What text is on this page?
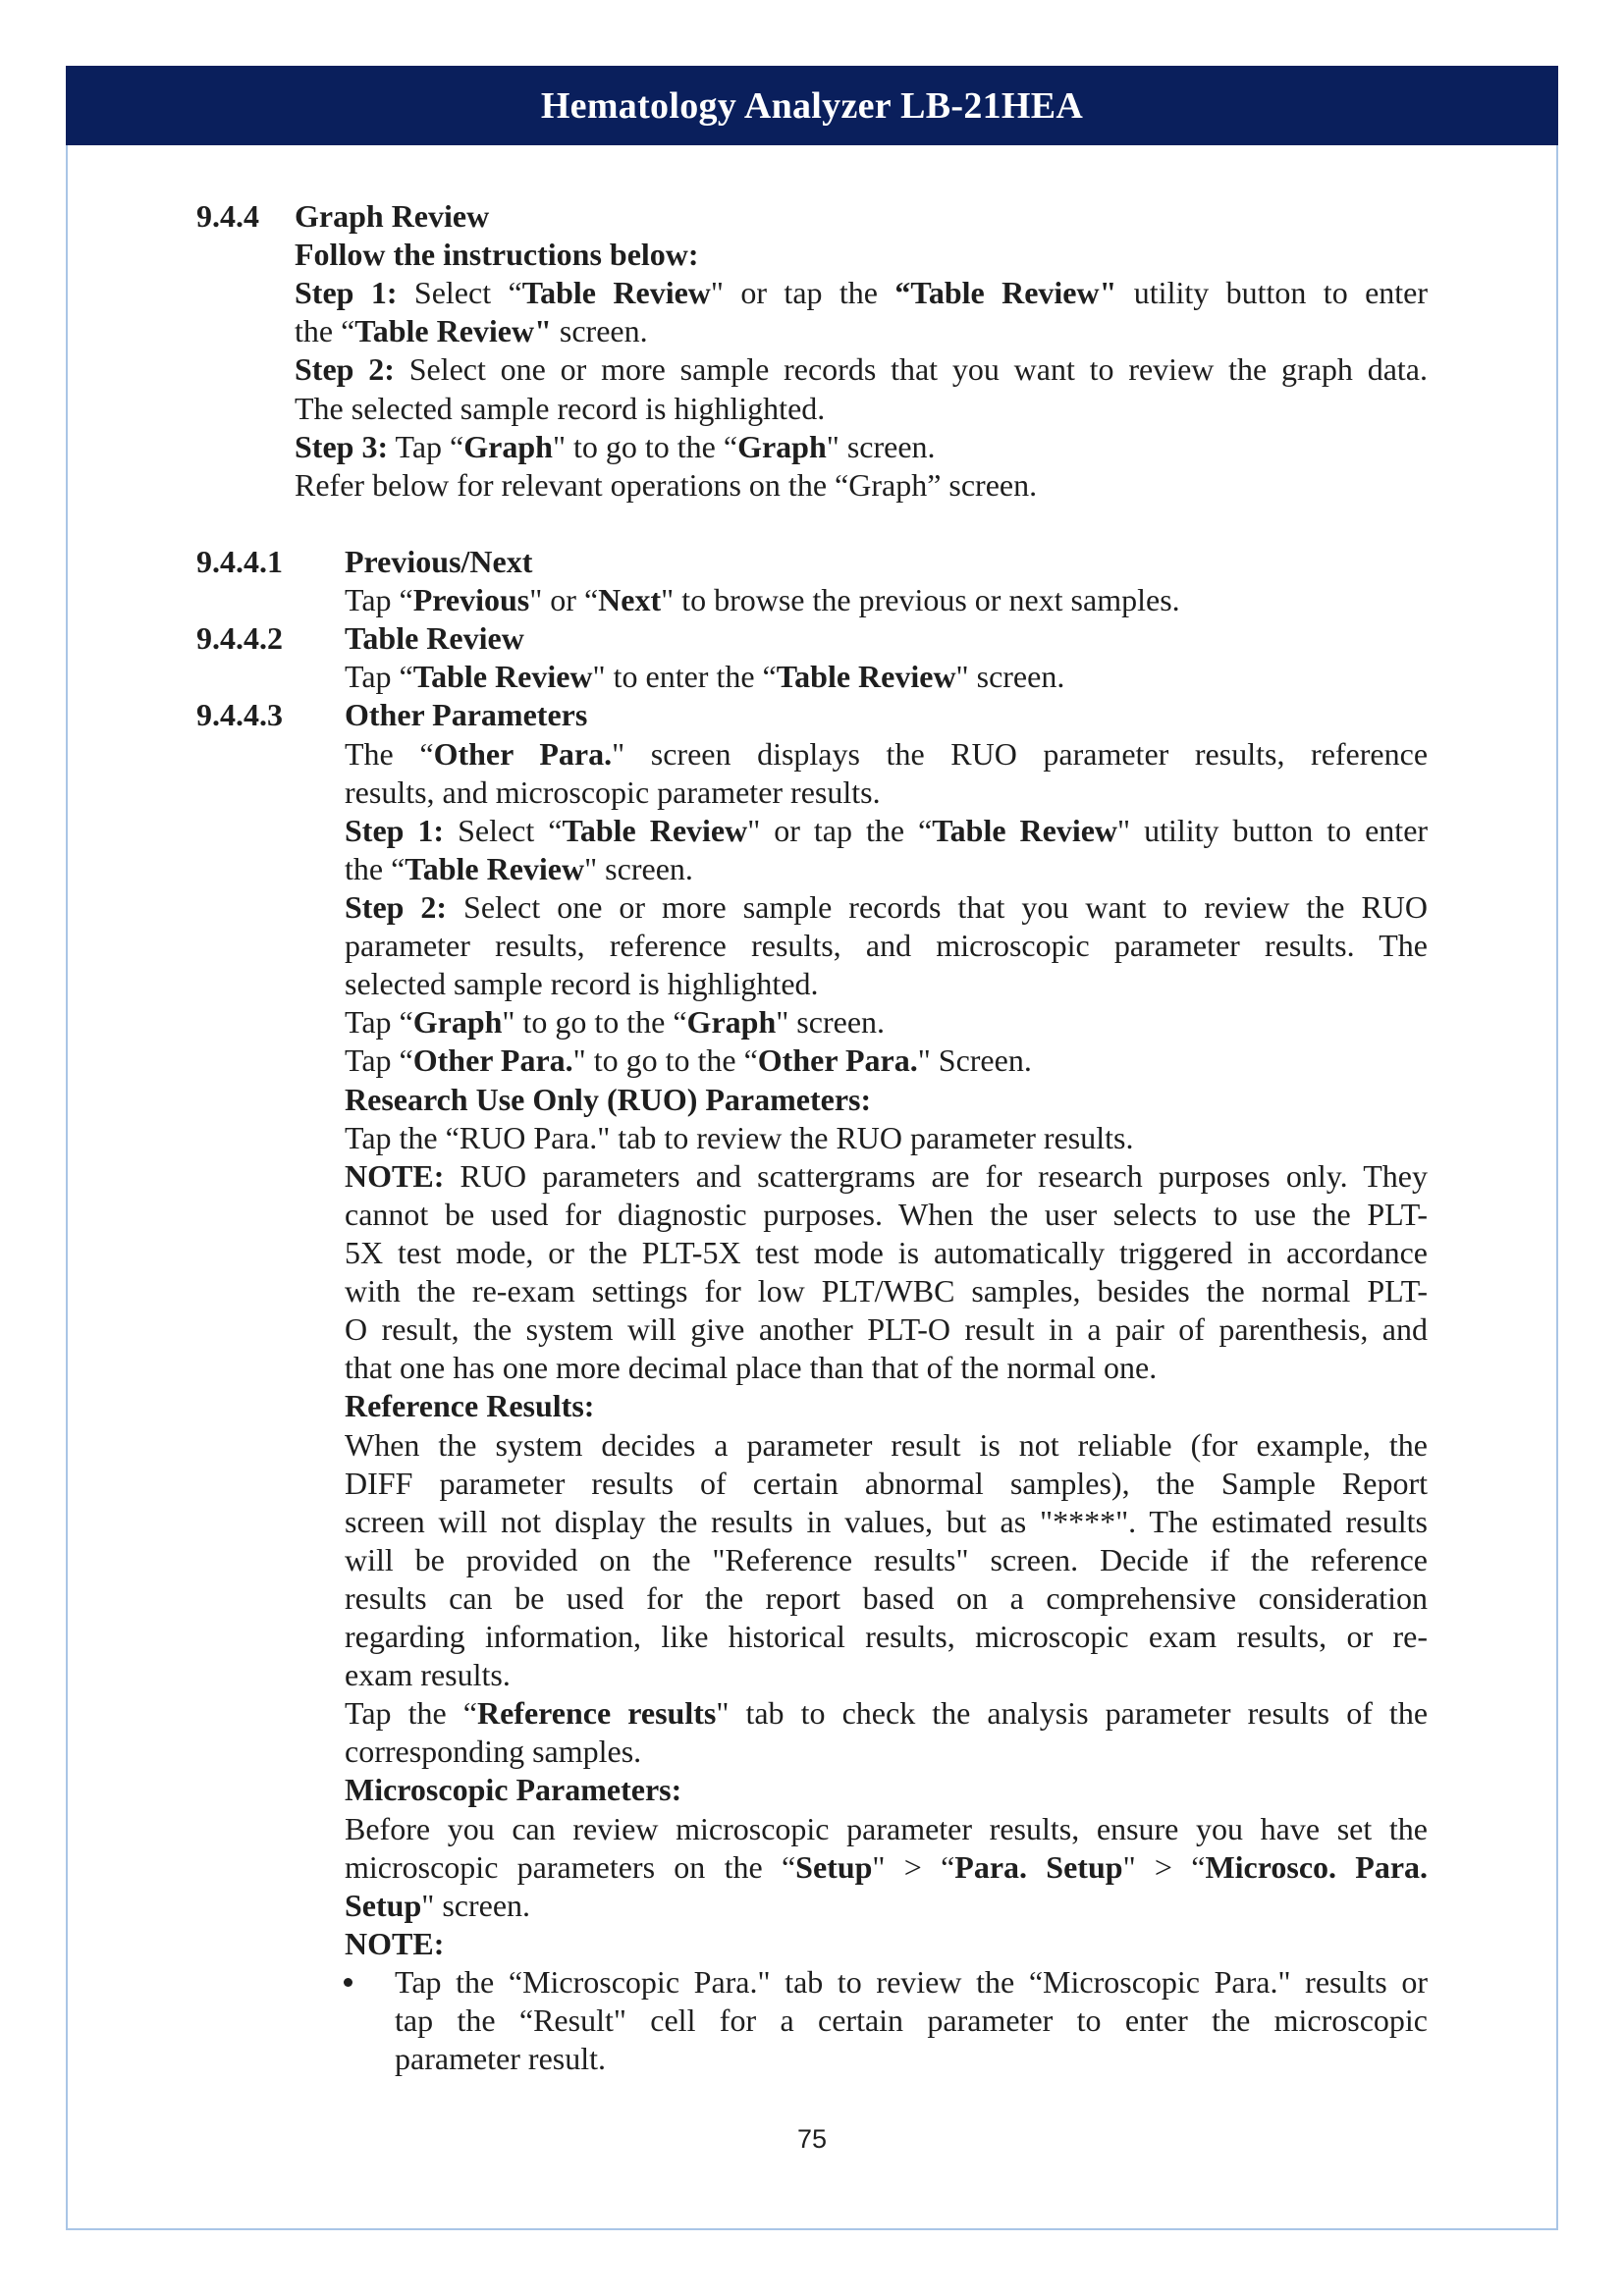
Hematology Analyzer LB-21HEA
9.4.4 Graph Review
Follow the instructions below:
Step 1: Select “Table Review" or tap the “Table Review" utility button to enter
the “Table Review" screen.
Step 2: Select one or more sample records that you want to review the graph data.
The selected sample record is highlighted.
Step 3: Tap “Graph" to go to the “Graph" screen.
Refer below for relevant operations on the “Graph” screen.
9.4.4.1 Previous/Next
Tap “Previous" or “Next" to browse the previous or next samples.
9.4.4.2 Table Review
Tap “Table Review" to enter the “Table Review" screen.
9.4.4.3 Other Parameters
The “Other Para." screen displays the RUO parameter results, reference
results, and microscopic parameter results.
Step 1: Select “Table Review" or tap the “Table Review" utility button to enter
the “Table Review" screen.
Step 2: Select one or more sample records that you want to review the RUO
parameter results, reference results, and microscopic parameter results. The
selected sample record is highlighted.
Tap “Graph" to go to the “Graph" screen.
Tap “Other Para." to go to the “Other Para." Screen.
Research Use Only (RUO) Parameters:
Tap the “RUO Para." tab to review the RUO parameter results.
NOTE: RUO parameters and scattergrams are for research purposes only. They
cannot be used for diagnostic purposes. When the user selects to use the PLT-
5X test mode, or the PLT-5X test mode is automatically triggered in accordance
with the re-exam settings for low PLT/WBC samples, besides the normal PLT-
O result, the system will give another PLT-O result in a pair of parenthesis, and
that one has one more decimal place than that of the normal one.
Reference Results:
When the system decides a parameter result is not reliable (for example, the
DIFF parameter results of certain abnormal samples), the Sample Report
screen will not display the results in values, but as "****". The estimated results
will be provided on the "Reference results" screen. Decide if the reference
results can be used for the report based on a comprehensive consideration
regarding information, like historical results, microscopic exam results, or re-
exam results.
Tap the “Reference results" tab to check the analysis parameter results of the
corresponding samples.
Microscopic Parameters:
Before you can review microscopic parameter results, ensure you have set the
microscopic parameters on the “Setup" > “Para. Setup" > “Microsco. Para.
Setup" screen.
NOTE:
Tap the “Microscopic Para." tab to review the “Microscopic Para." results or
tap the “Result" cell for a certain parameter to enter the microscopic
parameter result.
75
